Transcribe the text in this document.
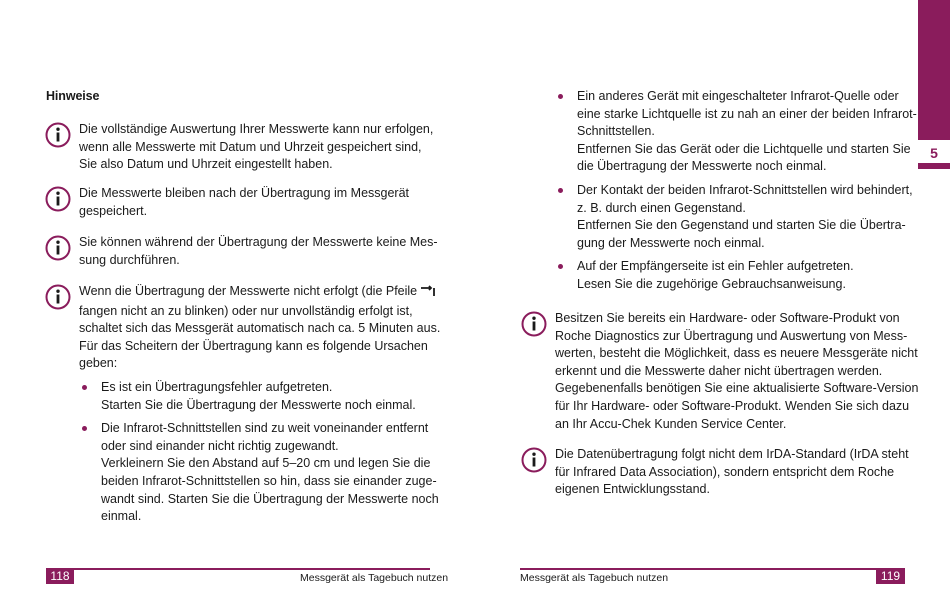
Hinweise
Die vollständige Auswertung Ihrer Messwerte kann nur erfolgen,
wenn alle Messwerte mit Datum und Uhrzeit gespeichert sind,
Sie also Datum und Uhrzeit eingestellt haben.
Die Messwerte bleiben nach der Übertragung im Messgerät
gespeichert.
Sie können während der Übertragung der Messwerte keine Mes-
sung durchführen.
Wenn die Übertragung der Messwerte nicht erfolgt (die Pfeile
fangen nicht an zu blinken) oder nur unvollständig erfolgt ist,
schaltet sich das Messgerät automatisch nach ca. 5 Minuten aus.
Für das Scheitern der Übertragung kann es folgende Ursachen
geben:
Es ist ein Übertragungsfehler aufgetreten.
Starten Sie die Übertragung der Messwerte noch einmal.
Die Infrarot-Schnittstellen sind zu weit voneinander entfernt
oder sind einander nicht richtig zugewandt.
Verkleinern Sie den Abstand auf 5–20 cm und legen Sie die
beiden Infrarot-Schnittstellen so hin, dass sie einander zuge-
wandt sind. Starten Sie die Übertragung der Messwerte noch
einmal.
118	Messgerät als Tagebuch nutzen
Ein anderes Gerät mit eingeschalteter Infrarot-Quelle oder
eine starke Lichtquelle ist zu nah an einer der beiden Infrarot-
Schnittstellen.
Entfernen Sie das Gerät oder die Lichtquelle und starten Sie
die Übertragung der Messwerte noch einmal.
Der Kontakt der beiden Infrarot-Schnittstellen wird behindert,
z. B. durch einen Gegenstand.
Entfernen Sie den Gegenstand und starten Sie die Übertra-
gung der Messwerte noch einmal.
Auf der Empfängerseite ist ein Fehler aufgetreten.
Lesen Sie die zugehörige Gebrauchsanweisung.
Besitzen Sie bereits ein Hardware- oder Software-Produkt von
Roche Diagnostics zur Übertragung und Auswertung von Mess-
werten, besteht die Möglichkeit, dass es neuere Messgeräte nicht
erkennt und die Messwerte daher nicht übertragen werden.
Gegebenenfalls benötigen Sie eine aktualisierte Software-Version
für Ihr Hardware- oder Software-Produkt. Wenden Sie sich dazu
an Ihr Accu-Chek Kunden Service Center.
Die Datenübertragung folgt nicht dem IrDA-Standard (IrDA steht
für Infrared Data Association), sondern entspricht dem Roche
eigenen Entwicklungsstand.
Messgerät als Tagebuch nutzen	119
5
